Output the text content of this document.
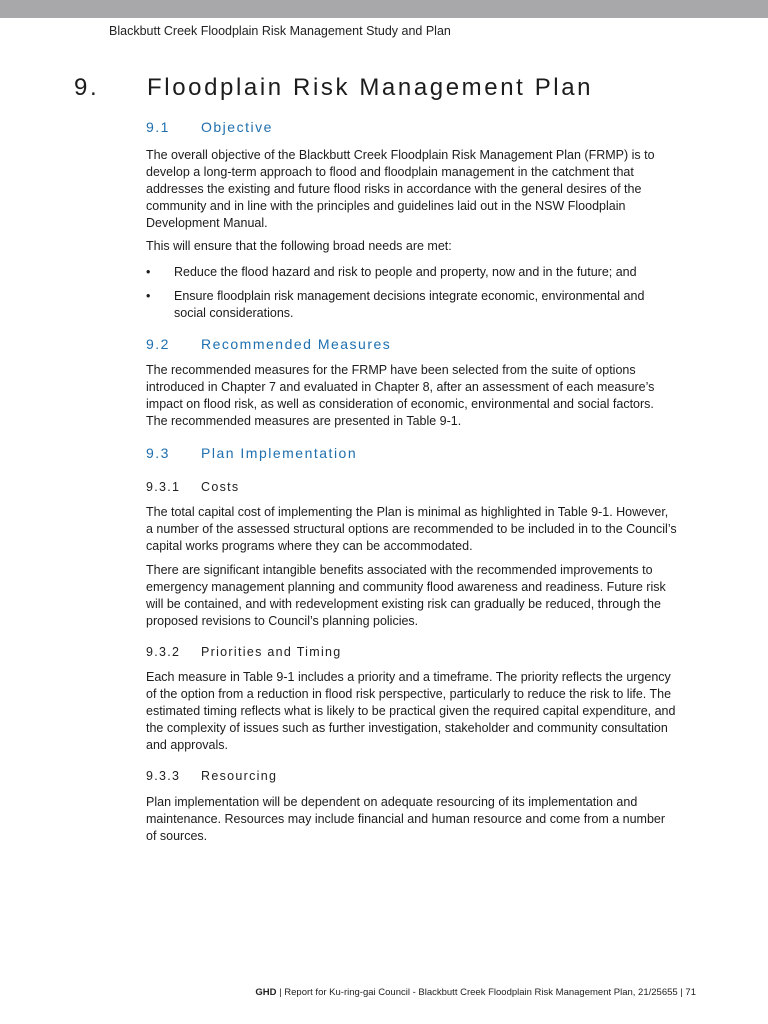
Blackbutt Creek Floodplain Risk Management Study and Plan
9. Floodplain Risk Management Plan
9.1 Objective
The overall objective of the Blackbutt Creek Floodplain Risk Management Plan (FRMP) is to
develop a long-term approach to flood and floodplain management in the catchment that
addresses the existing and future flood risks in accordance with the general desires of the
community and in line with the principles and guidelines laid out in the NSW Floodplain
Development Manual.
This will ensure that the following broad needs are met:
• Reduce the flood hazard and risk to people and property, now and in the future; and
• Ensure floodplain risk management decisions integrate economic, environmental and
social considerations.
9.2 Recommended Measures
The recommended measures for the FRMP have been selected from the suite of options
introduced in Chapter 7 and evaluated in Chapter 8, after an assessment of each measure’s
impact on flood risk, as well as consideration of economic, environmental and social factors.
The recommended measures are presented in Table 9-1.
9.3 Plan Implementation
9.3.1 Costs
The total capital cost of implementing the Plan is minimal as highlighted in Table 9-1. However,
a number of the assessed structural options are recommended to be included in to the Council’s
capital works programs where they can be accommodated.
There are significant intangible benefits associated with the recommended improvements to
emergency management planning and community flood awareness and readiness. Future risk
will be contained, and with redevelopment existing risk can gradually be reduced, through the
proposed revisions to Council’s planning policies.
9.3.2 Priorities and Timing
Each measure in Table 9-1 includes a priority and a timeframe. The priority reflects the urgency
of the option from a reduction in flood risk perspective, particularly to reduce the risk to life. The
estimated timing reflects what is likely to be practical given the required capital expenditure, and
the complexity of issues such as further investigation, stakeholder and community consultation
and approvals.
9.3.3 Resourcing
Plan implementation will be dependent on adequate resourcing of its implementation and
maintenance. Resources may include financial and human resource and come from a number
of sources.
GHD | Report for Ku-ring-gai Council - Blackbutt Creek Floodplain Risk Management Plan, 21/25655 | 71
